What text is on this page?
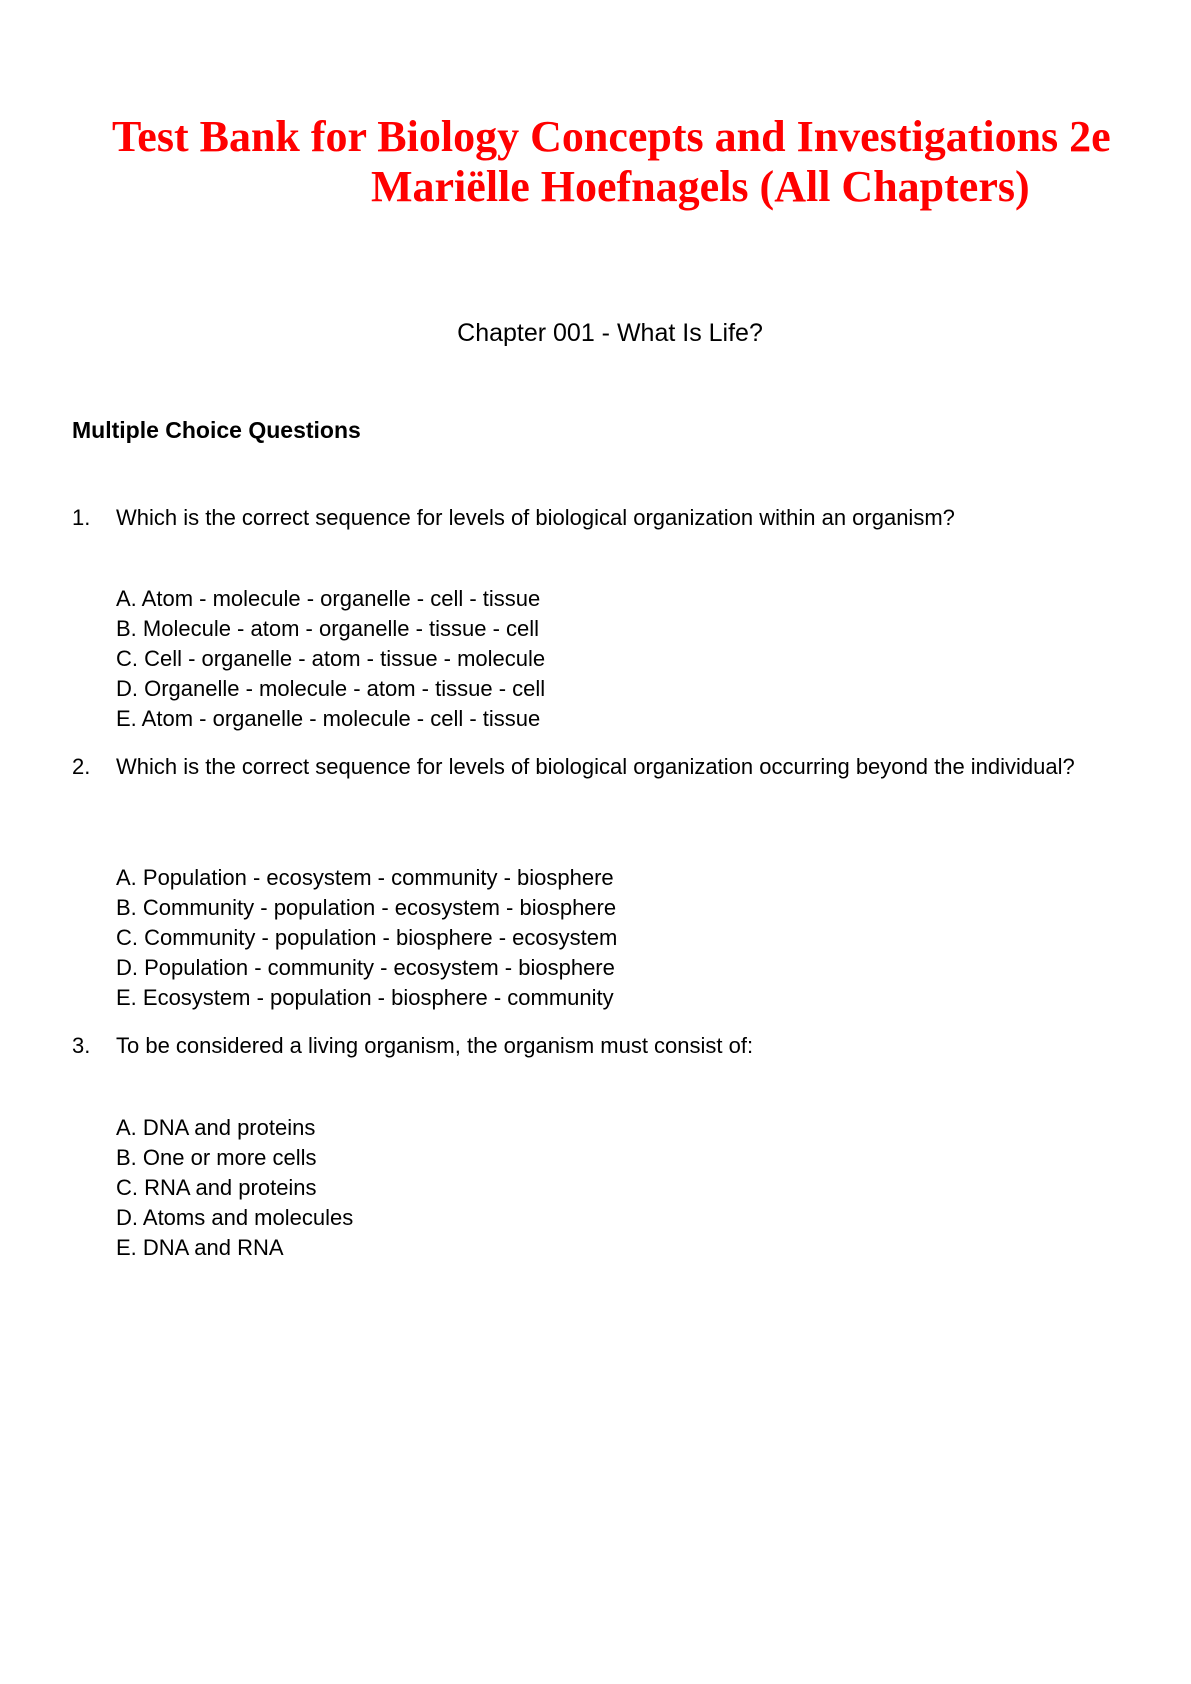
Test Bank for Biology Concepts and Investigations 2e
Mariëlle Hoefnagels (All Chapters)
Chapter 001 - What Is Life?
Multiple Choice Questions
1. Which is the correct sequence for levels of biological organization within an organism?
A. Atom - molecule - organelle - cell - tissue
B. Molecule - atom - organelle - tissue - cell
C. Cell - organelle - atom - tissue - molecule
D. Organelle - molecule - atom - tissue - cell
E. Atom - organelle - molecule - cell - tissue
2. Which is the correct sequence for levels of biological organization occurring beyond the individual?
A. Population - ecosystem - community - biosphere
B. Community - population - ecosystem - biosphere
C. Community - population - biosphere - ecosystem
D. Population - community - ecosystem - biosphere
E. Ecosystem - population - biosphere - community
3. To be considered a living organism, the organism must consist of:
A. DNA and proteins
B. One or more cells
C. RNA and proteins
D. Atoms and molecules
E. DNA and RNA
